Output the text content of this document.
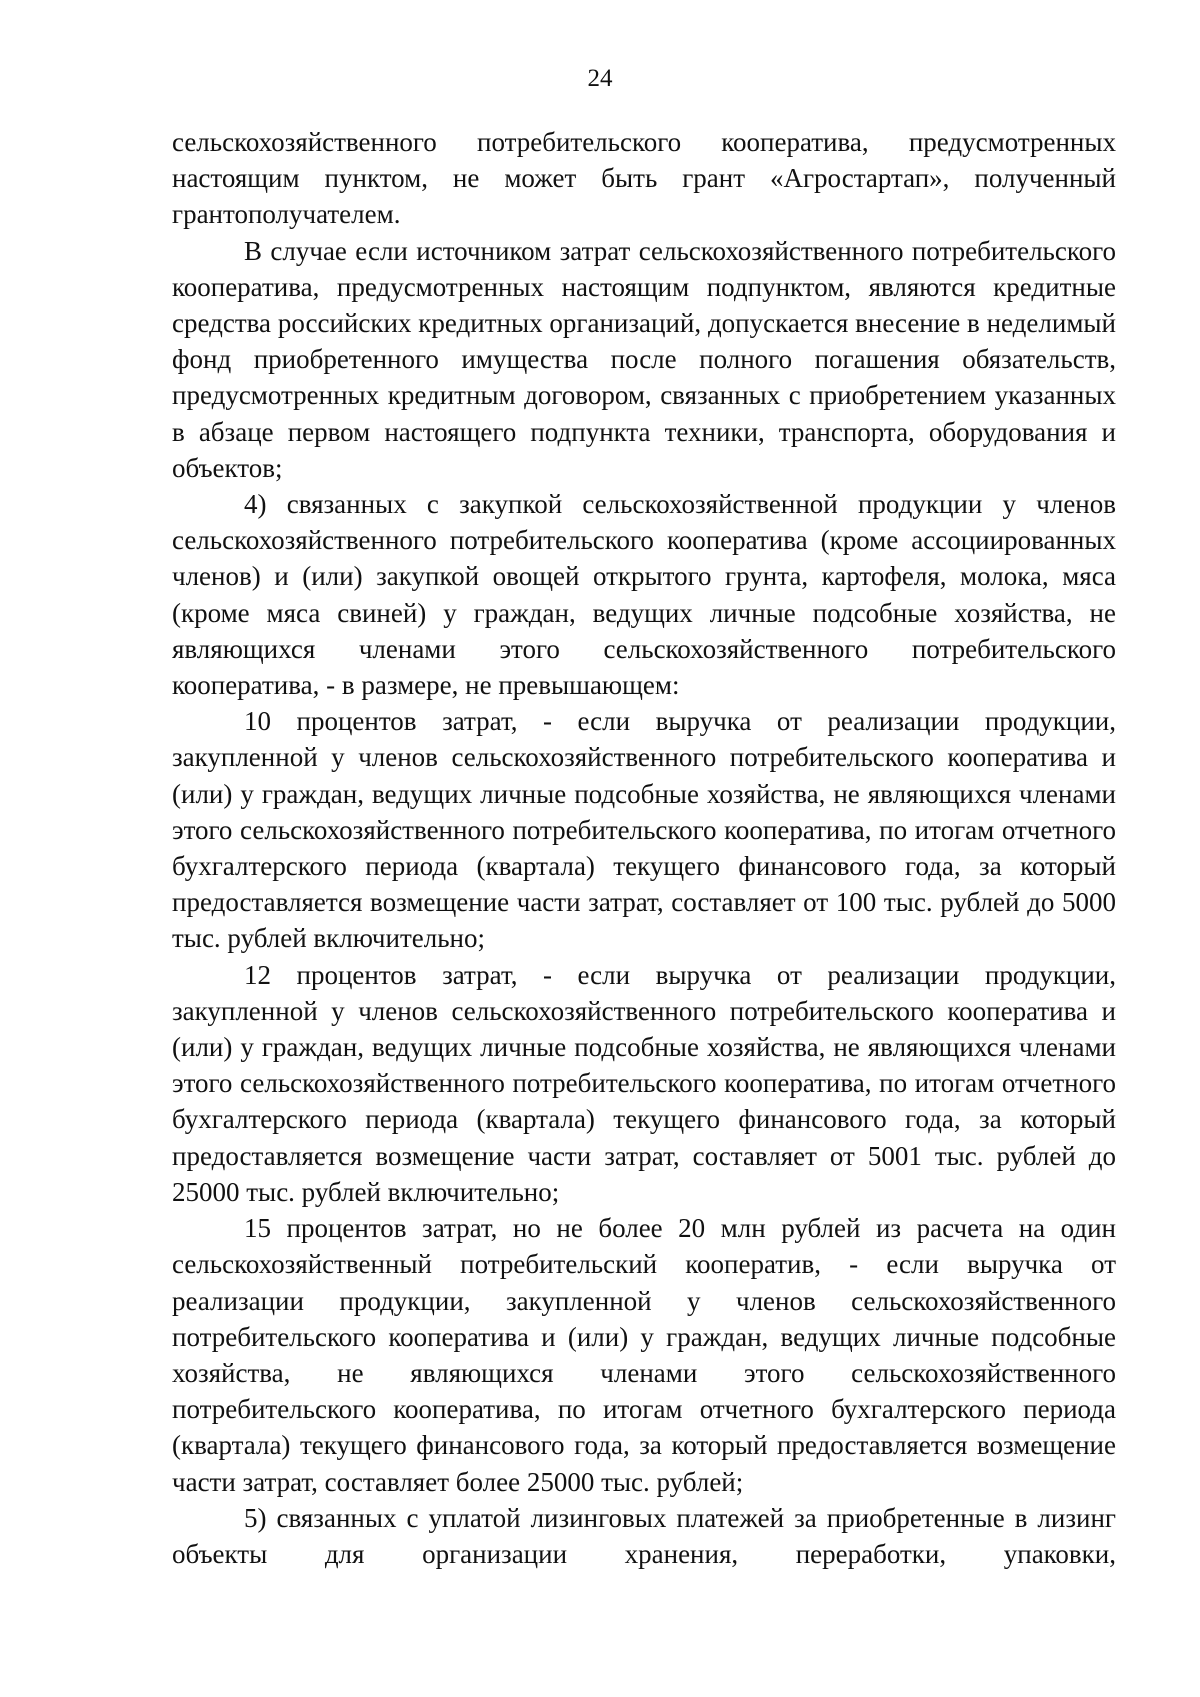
24

сельскохозяйственного потребительского кооператива, предусмотренных настоящим пунктом, не может быть грант «Агростартап», полученный грантополучателем.

В случае если источником затрат сельскохозяйственного потребительского кооператива, предусмотренных настоящим подпунктом, являются кредитные средства российских кредитных организаций, допускается внесение в неделимый фонд приобретенного имущества после полного погашения обязательств, предусмотренных кредитным договором, связанных с приобретением указанных в абзаце первом настоящего подпункта техники, транспорта, оборудования и объектов;

4) связанных с закупкой сельскохозяйственной продукции у членов сельскохозяйственного потребительского кооператива (кроме ассоциированных членов) и (или) закупкой овощей открытого грунта, картофеля, молока, мяса (кроме мяса свиней) у граждан, ведущих личные подсобные хозяйства, не являющихся членами этого сельскохозяйственного потребительского кооператива, - в размере, не превышающем:

10 процентов затрат, - если выручка от реализации продукции, закупленной у членов сельскохозяйственного потребительского кооператива и (или) у граждан, ведущих личные подсобные хозяйства, не являющихся членами этого сельскохозяйственного потребительского кооператива, по итогам отчетного бухгалтерского периода (квартала) текущего финансового года, за который предоставляется возмещение части затрат, составляет от 100 тыс. рублей до 5000 тыс. рублей включительно;

12 процентов затрат, - если выручка от реализации продукции, закупленной у членов сельскохозяйственного потребительского кооператива и (или) у граждан, ведущих личные подсобные хозяйства, не являющихся членами этого сельскохозяйственного потребительского кооператива, по итогам отчетного бухгалтерского периода (квартала) текущего финансового года, за который предоставляется возмещение части затрат, составляет от 5001 тыс. рублей до 25000 тыс. рублей включительно;

15 процентов затрат, но не более 20 млн рублей из расчета на один сельскохозяйственный потребительский кооператив, - если выручка от реализации продукции, закупленной у членов сельскохозяйственного потребительского кооператива и (или) у граждан, ведущих личные подсобные хозяйства, не являющихся членами этого сельскохозяйственного потребительского кооператива, по итогам отчетного бухгалтерского периода (квартала) текущего финансового года, за который предоставляется возмещение части затрат, составляет более 25000 тыс. рублей;

5) связанных с уплатой лизинговых платежей за приобретенные в лизинг объекты для организации хранения, переработки, упаковки,
